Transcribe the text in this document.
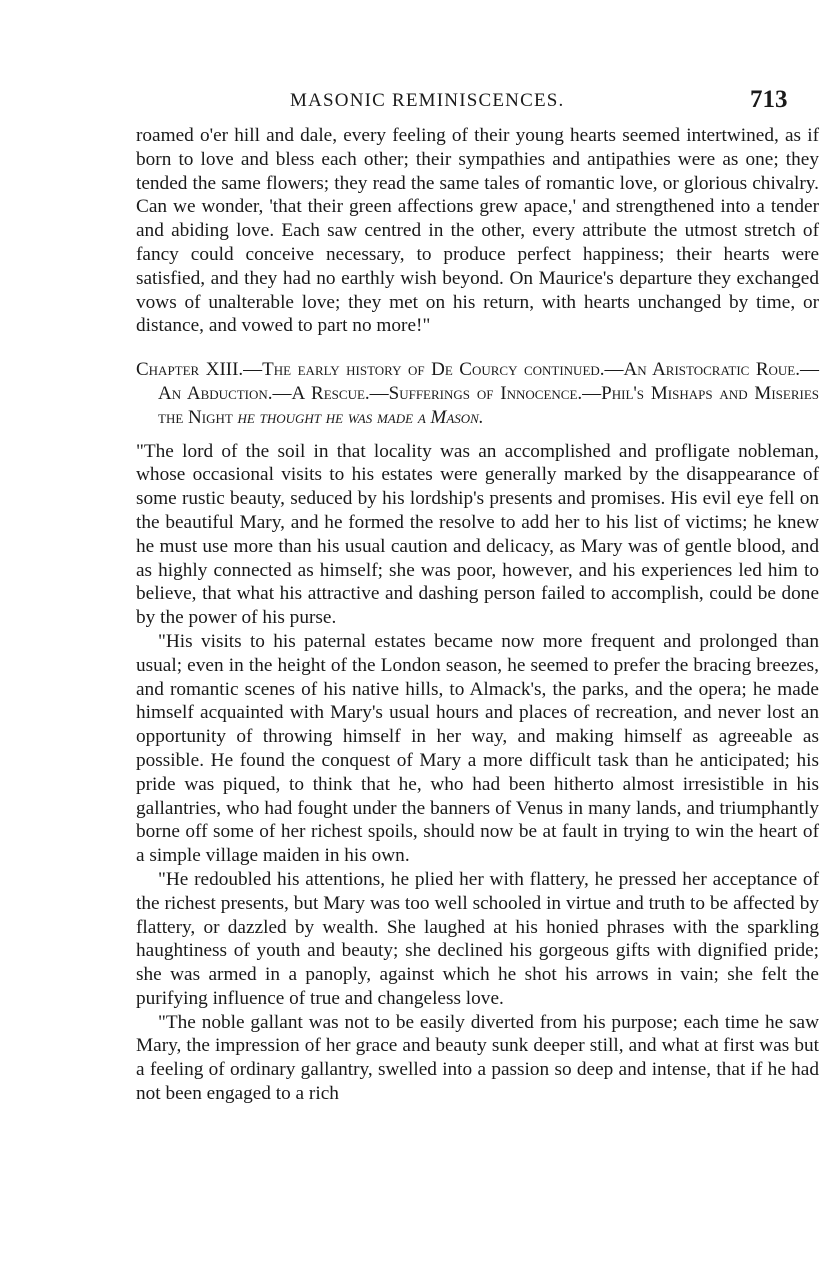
MASONIC REMINISCENCES.	713

roamed o'er hill and dale, every feeling of their young hearts seemed intertwined, as if born to love and bless each other; their sympathies and antipathies were as one; they tended the same flowers; they read the same tales of romantic love, or glorious chivalry. Can we wonder, 'that their green affections grew apace,' and strengthened into a tender and abiding love. Each saw centred in the other, every attribute the utmost stretch of fancy could conceive necessary, to produce perfect happiness; their hearts were satisfied, and they had no earthly wish beyond. On Maurice's departure they exchanged vows of unalterable love; they met on his return, with hearts unchanged by time, or distance, and vowed to part no more!"

Chapter XIII.—The early history of De Courcy continued.—An Aristocratic Roue.—An Abduction.—A Rescue.—Sufferings of Innocence.—Phil's Mishaps and Miseries the Night he thought he was made a Mason.

"The lord of the soil in that locality was an accomplished and profligate nobleman, whose occasional visits to his estates were generally marked by the disappearance of some rustic beauty, seduced by his lordship's presents and promises. His evil eye fell on the beautiful Mary, and he formed the resolve to add her to his list of victims; he knew he must use more than his usual caution and delicacy, as Mary was of gentle blood, and as highly connected as himself; she was poor, however, and his experiences led him to believe, that what his attractive and dashing person failed to accomplish, could be done by the power of his purse.

"His visits to his paternal estates became now more frequent and prolonged than usual; even in the height of the London season, he seemed to prefer the bracing breezes, and romantic scenes of his native hills, to Almack's, the parks, and the opera; he made himself acquainted with Mary's usual hours and places of recreation, and never lost an opportunity of throwing himself in her way, and making himself as agreeable as possible. He found the conquest of Mary a more difficult task than he anticipated; his pride was piqued, to think that he, who had been hitherto almost irresistible in his gallantries, who had fought under the banners of Venus in many lands, and triumphantly borne off some of her richest spoils, should now be at fault in trying to win the heart of a simple village maiden in his own.

"He redoubled his attentions, he plied her with flattery, he pressed her acceptance of the richest presents, but Mary was too well schooled in virtue and truth to be affected by flattery, or dazzled by wealth. She laughed at his honied phrases with the sparkling haughtiness of youth and beauty; she declined his gorgeous gifts with dignified pride; she was armed in a panoply, against which he shot his arrows in vain; she felt the purifying influence of true and changeless love.

"The noble gallant was not to be easily diverted from his purpose; each time he saw Mary, the impression of her grace and beauty sunk deeper still, and what at first was but a feeling of ordinary gallantry, swelled into a passion so deep and intense, that if he had not been engaged to a rich
